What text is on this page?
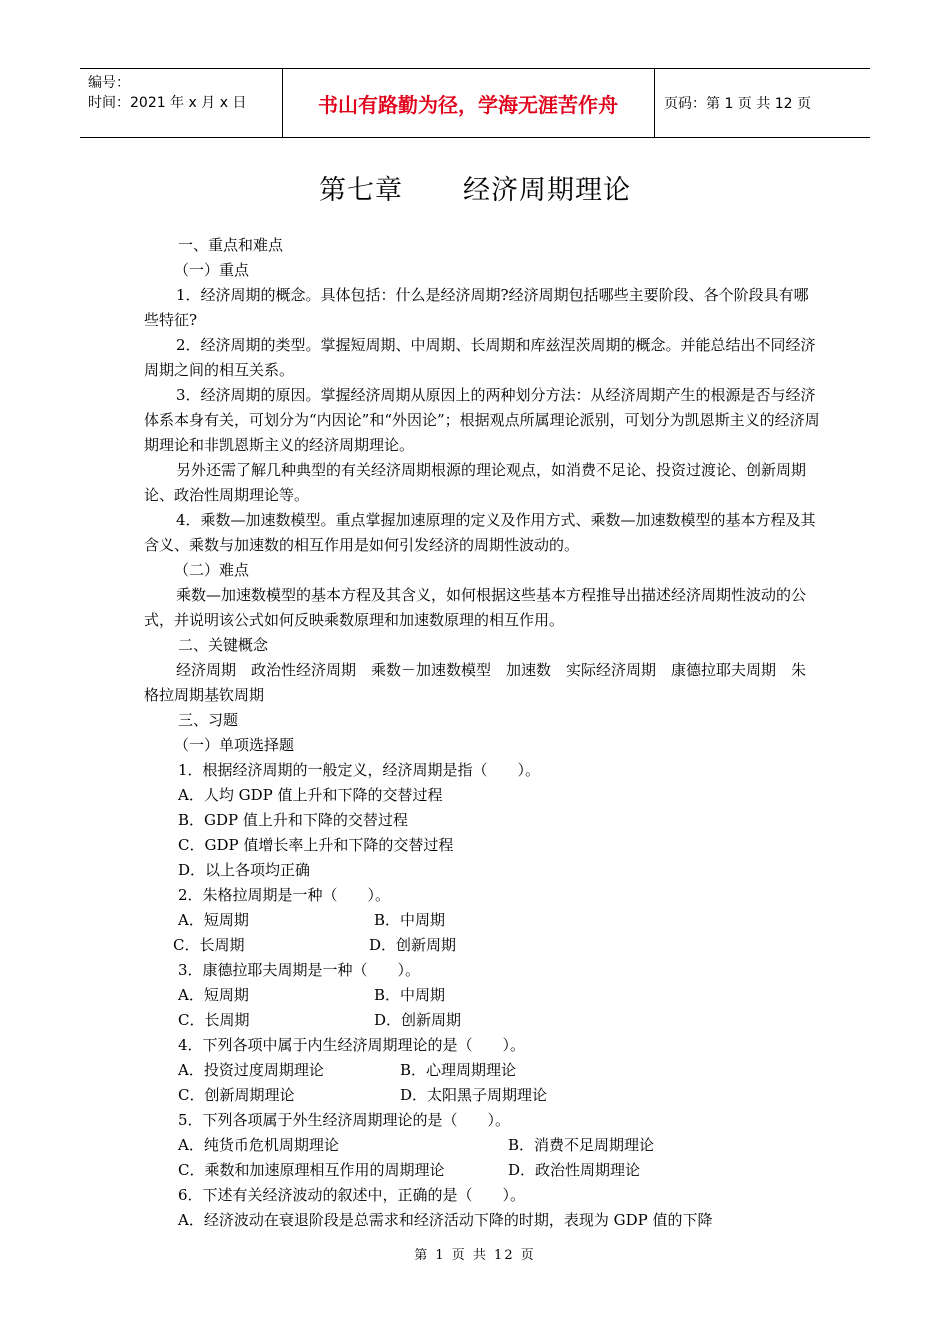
编号：
时间：2021 年 x 月 x 日	书山有路勤为径，学海无涯苦作舟	页码：第 1 页 共 12 页
第七章 经济周期理论

一、重点和难点

（一）重点

1．经济周期的概念。具体包括：什么是经济周期?经济周期包括哪些主要阶段、各个阶段具有哪些特征?

2．经济周期的类型。掌握短周期、中周期、长周期和库兹涅茨周期的概念。并能总结出不同经济周期之间的相互关系。

3．经济周期的原因。掌握经济周期从原因上的两种划分方法：从经济周期产生的根源是否与经济体系本身有关，可划分为“内因论”和“外因论”；根据观点所属理论派别，可划分为凯恩斯主义的经济周期理论和非凯恩斯主义的经济周期理论。

另外还需了解几种典型的有关经济周期根源的理论观点，如消费不足论、投资过渡论、创新周期论、政治性周期理论等。

4．乘数—加速数模型。重点掌握加速原理的定义及作用方式、乘数—加速数模型的基本方程及其含义、乘数与加速数的相互作用是如何引发经济的周期性波动的。

（二）难点

乘数—加速数模型的基本方程及其含义，如何根据这些基本方程推导出描述经济周期性波动的公式，并说明该公式如何反映乘数原理和加速数原理的相互作用。

二、关键概念

经济周期　政治性经济周期　乘数－加速数模型　加速数　实际经济周期　康德拉耶夫周期　朱格拉周期基钦周期

三、习题

（一）单项选择题

1．根据经济周期的一般定义，经济周期是指（　　）。

A．人均 GDP 值上升和下降的交替过程

B．GDP 值上升和下降的交替过程

C．GDP 值增长率上升和下降的交替过程

D．以上各项均正确

2．朱格拉周期是一种（　　）。

A．短周期	B．中周期
C．长周期	D．创新周期

3．康德拉耶夫周期是一种（　　）。

A．短周期	B．中周期
C．长周期	D．创新周期

4．下列各项中属于内生经济周期理论的是（　　）。

A．投资过度周期理论	B．心理周期理论
C．创新周期理论	D．太阳黑子周期理论

5．下列各项属于外生经济周期理论的是（　　）。

A．纯货币危机周期理论	B．消费不足周期理论
C．乘数和加速原理相互作用的周期理论	D．政治性周期理论

6．下述有关经济波动的叙述中，正确的是（　　）。

A．经济波动在衰退阶段是总需求和经济活动下降的时期，表现为 GDP 值的下降

第 1 页 共 12 页
